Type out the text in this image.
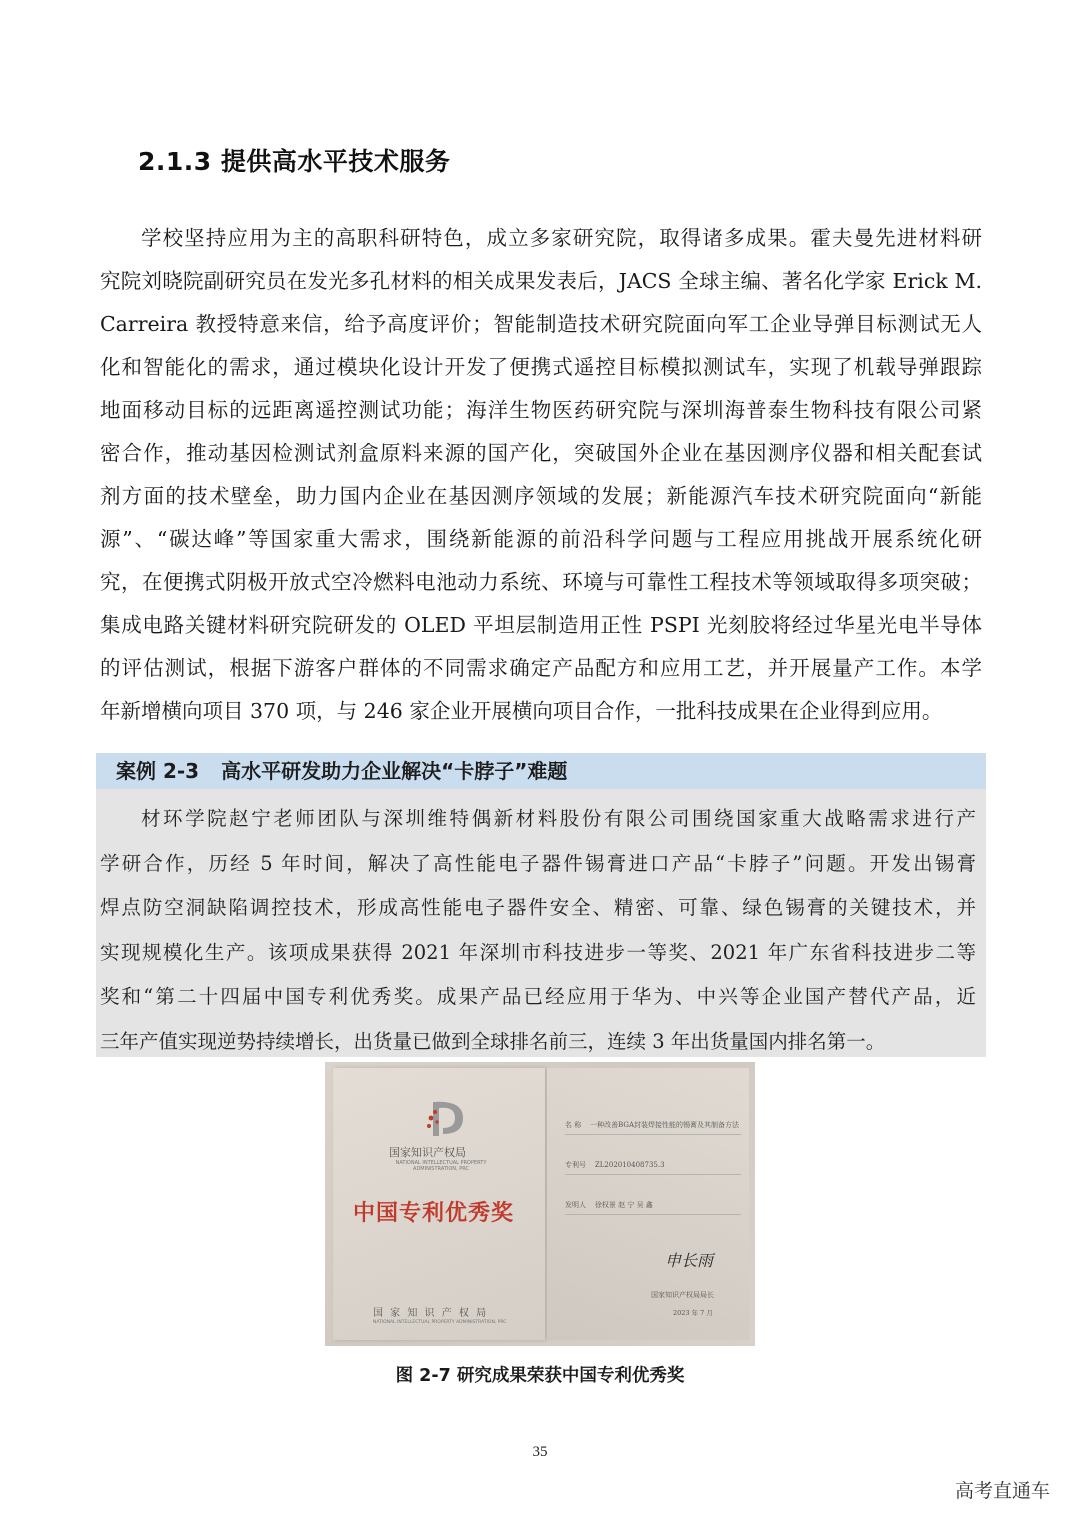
2.1.3 提供高水平技术服务
学校坚持应用为主的高职科研特色，成立多家研究院，取得诸多成果。霍夫曼先进材料研
究院刘晓院副研究员在发光多孔材料的相关成果发表后，JACS 全球主编、著名化学家 Erick M.
Carreira 教授特意来信，给予高度评价；智能制造技术研究院面向军工企业导弹目标测试无人
化和智能化的需求，通过模块化设计开发了便携式遥控目标模拟测试车，实现了机载导弹跟踪
地面移动目标的远距离遥控测试功能；海洋生物医药研究院与深圳海普泰生物科技有限公司紧
密合作，推动基因检测试剂盒原料来源的国产化，突破国外企业在基因测序仪器和相关配套试
剂方面的技术壁垒，助力国内企业在基因测序领域的发展；新能源汽车技术研究院面向“新能
源”、“碳达峰”等国家重大需求，围绕新能源的前沿科学问题与工程应用挑战开展系统化研
究，在便携式阴极开放式空冷燃料电池动力系统、环境与可靠性工程技术等领域取得多项突破；
集成电路关键材料研究院研发的 OLED 平坦层制造用正性 PSPI 光刻胶将经过华星光电半导体
的评估测试，根据下游客户群体的不同需求确定产品配方和应用工艺，并开展量产工作。本学
年新增横向项目 370 项，与 246 家企业开展横向项目合作，一批科技成果在企业得到应用。
案例 2-3 高水平研发助力企业解决“卡脖子”难题
材环学院赵宁老师团队与深圳维特偶新材料股份有限公司围绕国家重大战略需求进行产
学研合作，历经 5 年时间，解决了高性能电子器件锡膏进口产品“卡脖子”问题。开发出锡膏
焊点防空洞缺陷调控技术，形成高性能电子器件安全、精密、可靠、绿色锡膏的关键技术，并
实现规模化生产。该项成果获得 2021 年深圳市科技进步一等奖、2021 年广东省科技进步二等
奖和“第二十四届中国专利优秀奖。成果产品已经应用于华为、中兴等企业国产替代产品，近
三年产值实现逆势持续增长，出货量已做到全球排名前三，连续 3 年出货量国内排名第一。
国家知识产权局
NATIONAL INTELLECTUAL PROPERTY ADMINISTRATION, PRC
中国专利优秀奖
国 家 知 识 产 权 局
NATIONAL INTELLECTUAL PROPERTY ADMINISTRATION, PRC
名 称 一种改善BGA封装焊接性能的锡膏及其制备方法
专利号 ZL202010408735.3
发明人 徐权景 赵 宁 吴 鑫
申长雨
国家知识产权局局长
2023 年 7 月
图 2-7 研究成果荣获中国专利优秀奖
35
高考直通车
